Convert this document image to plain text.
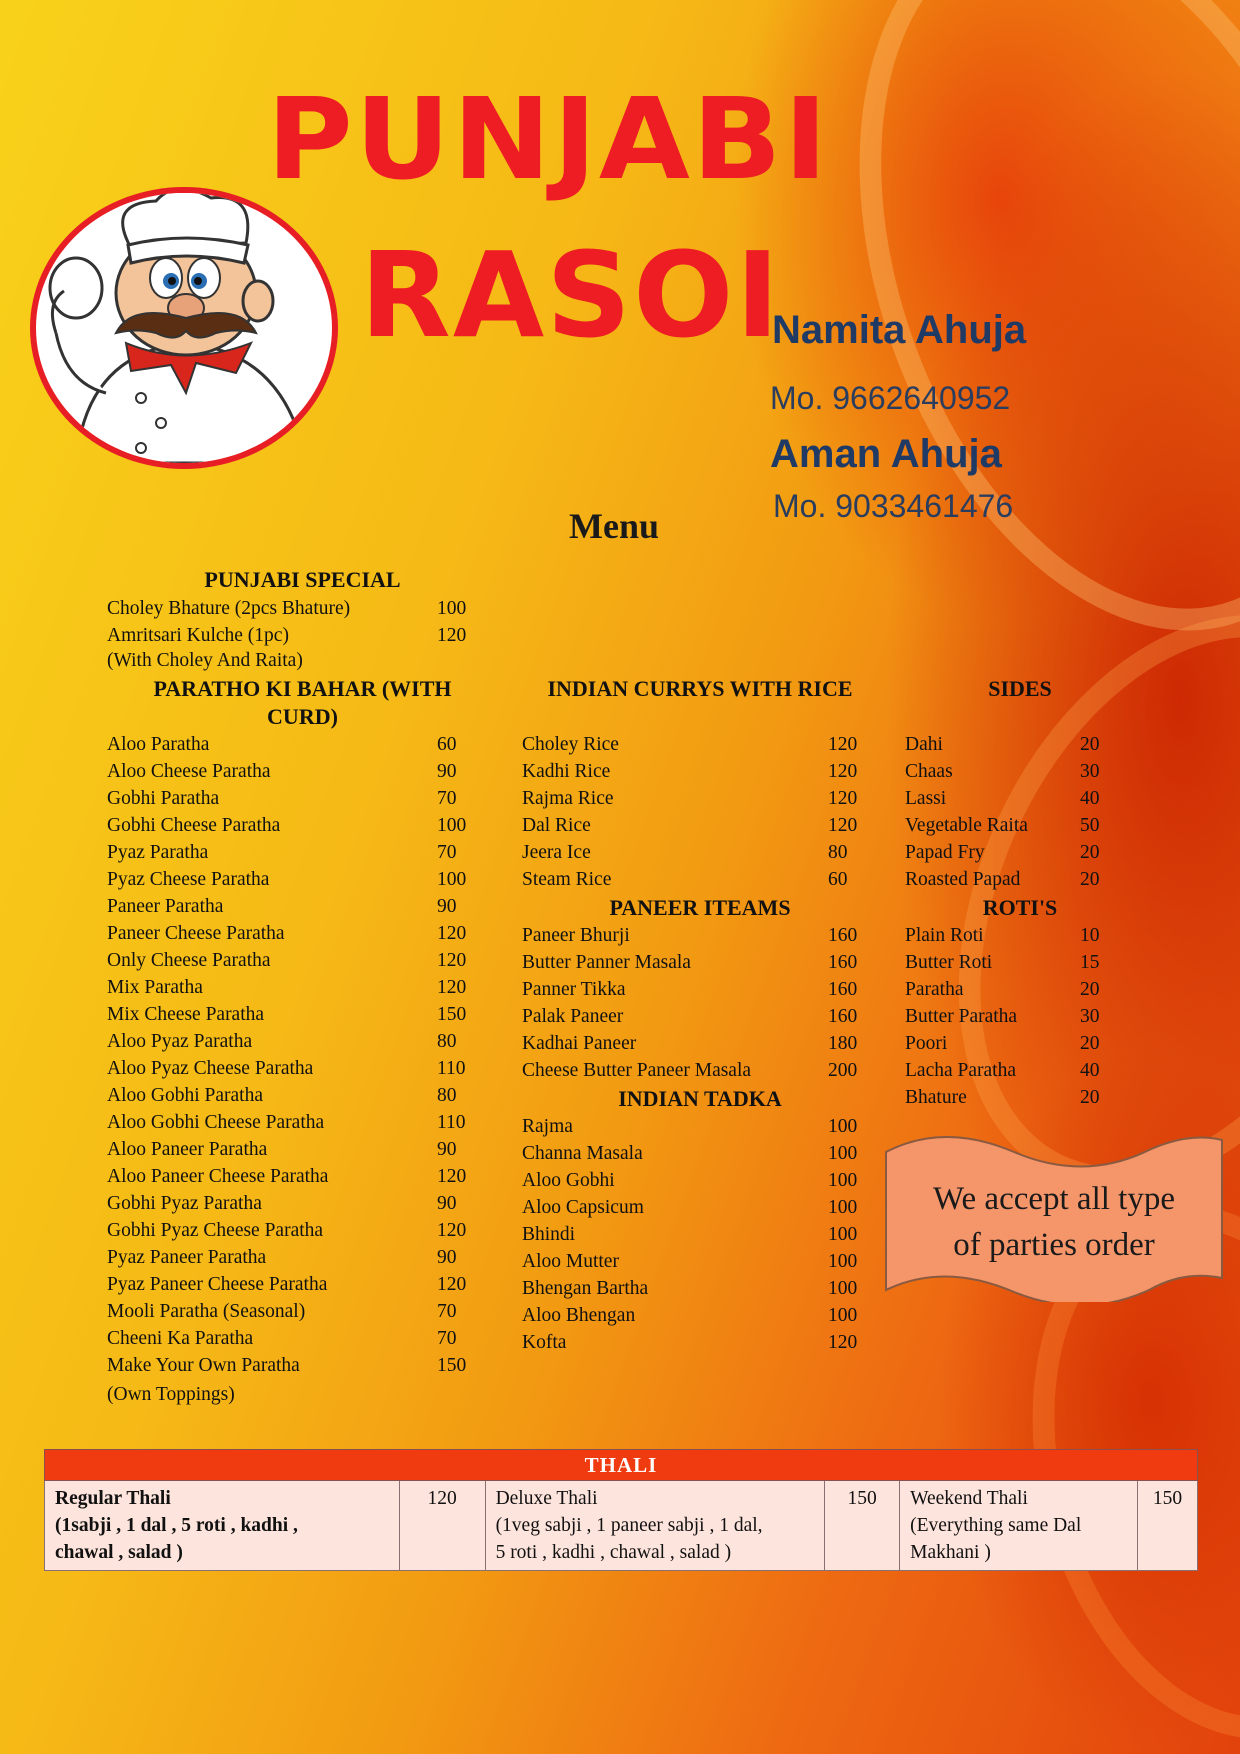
PUNJABI
RASOI
Namita Ahuja
Mo. 9662640952
Aman Ahuja
Mo. 9033461476
Menu
PUNJABI SPECIAL
Choley Bhature (2pcs Bhature)	100
Amritsari Kulche (1pc)	120
(With Choley And Raita)
PARATHO KI BAHAR (WITH
CURD)
Aloo Paratha	60
Aloo Cheese Paratha	90
Gobhi Paratha	70
Gobhi Cheese Paratha	100
Pyaz Paratha	70
Pyaz Cheese Paratha	100
Paneer Paratha	90
Paneer Cheese Paratha	120
Only Cheese Paratha	120
Mix Paratha	120
Mix Cheese Paratha	150
Aloo Pyaz Paratha	80
Aloo Pyaz Cheese Paratha	110
Aloo Gobhi Paratha	80
Aloo Gobhi Cheese Paratha	110
Aloo Paneer Paratha	90
Aloo Paneer Cheese Paratha	120
Gobhi Pyaz Paratha	90
Gobhi Pyaz Cheese Paratha	120
Pyaz Paneer Paratha	90
Pyaz Paneer Cheese Paratha	120
Mooli Paratha (Seasonal)	70
Cheeni Ka Paratha	70
Make Your Own Paratha	150
(Own Toppings)
INDIAN CURRYS WITH RICE
Choley Rice	120
Kadhi Rice	120
Rajma Rice	120
Dal Rice	120
Jeera Ice	80
Steam Rice	60
PANEER ITEAMS
Paneer Bhurji	160
Butter Panner Masala	160
Panner Tikka	160
Palak Paneer	160
Kadhai Paneer	180
Cheese Butter Paneer Masala	200
INDIAN TADKA
Rajma	100
Channa Masala	100
Aloo Gobhi	100
Aloo Capsicum	100
Bhindi	100
Aloo Mutter	100
Bhengan Bartha	100
Aloo Bhengan	100
Kofta	120
SIDES
Dahi	20
Chaas	30
Lassi	40
Vegetable Raita	50
Papad Fry	20
Roasted Papad	20
ROTI'S
Plain Roti	10
Butter Roti	15
Paratha	20
Butter Paratha	30
Poori	20
Lacha Paratha	40
Bhature	20
We accept all type
of parties order
THALI

Regular Thali
(1sabji , 1 dal , 5 roti , kadhi ,
chawal , salad )
	120	Deluxe Thali
(1veg sabji , 1 paneer sabji , 1 dal,
5 roti , kadhi , chawal , salad )
	150	Weekend Thali
(Everything same Dal
Makhani )
	150
